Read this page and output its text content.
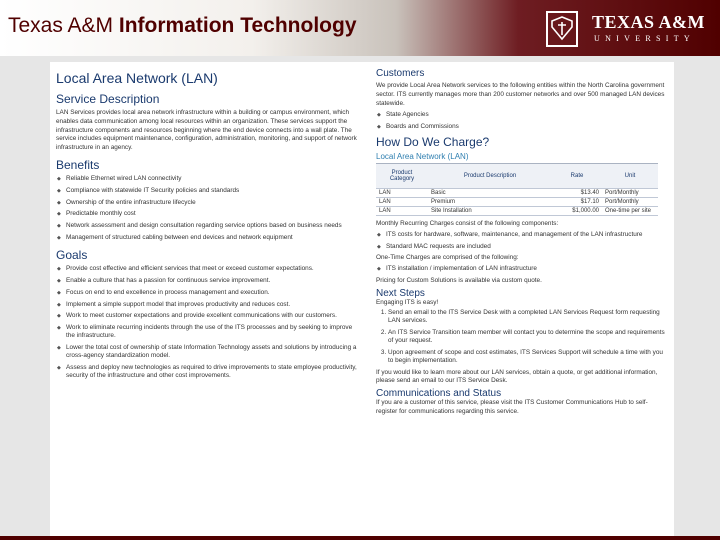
Texas A&M Information Technology	TEXAS A&M
UNIVERSITY
Local Area Network (LAN)
Service Description
LAN Services provides local area network infrastructure within a building or campus environment, which enables data communication among local resources within an organization. These services support the infrastructure components and resources beginning where the end device connects into a wall plate. The service includes equipment maintenance, configuration, administration, monitoring, and support of network infrastructure in an agency.
Benefits
◆ Reliable Ethernet wired LAN connectivity
◆ Compliance with statewide IT Security policies and standards
◆ Ownership of the entire infrastructure lifecycle
◆ Predictable monthly cost
◆ Network assessment and design consultation regarding service options based on business needs
◆ Management of structured cabling between end devices and network equipment
Goals
◆ Provide cost effective and efficient services that meet or exceed customer expectations.
◆ Enable a culture that has a passion for continuous service improvement.
◆ Focus on end to end excellence in process management and execution.
◆ Implement a simple support model that improves productivity and reduces cost.
◆ Work to meet customer expectations and provide excellent communications with our customers.
◆ Work to eliminate recurring incidents through the use of the ITS processes and by seeking to improve the infrastructure.
◆ Lower the total cost of ownership of state Information Technology assets and solutions by introducing a cross-agency standardization model.
◆ Assess and deploy new technologies as required to drive improvements to state employee productivity, security of the infrastructure and other cost improvements.
Customers
We provide Local Area Network services to the following entities within the North Carolina government sector. ITS currently manages more than 200 customer networks and over 500 managed LAN devices statewide.
◆ State Agencies
◆ Boards and Commissions
How Do We Charge?
Local Area Network (LAN)
Product Category	Product Description	Rate	Unit
LAN	Basic	$13.40	Port/Monthly
LAN	Premium	$17.10	Port/Monthly
LAN	Site Installation	$1,000.00	One-time per site
Monthly Recurring Charges consist of the following components:
◆ ITS costs for hardware, software, maintenance, and management of the LAN infrastructure
◆ Standard MAC requests are included
One-Time Charges are comprised of the following:
◆ ITS installation / implementation of LAN infrastructure
Pricing for Custom Solutions is available via custom quote.
Next Steps
Engaging ITS is easy!
1. Send an email to the ITS Service Desk with a completed LAN Services Request form requesting LAN services.
2. An ITS Service Transition team member will contact you to determine the scope and requirements of your request.
3. Upon agreement of scope and cost estimates, ITS Services Support will schedule a time with you to begin implementation.
If you would like to learn more about our LAN services, obtain a quote, or get additional information, please send an email to our ITS Service Desk.
Communications and Status
If you are a customer of this service, please visit the ITS Customer Communications Hub to self-register for communications regarding this service.
